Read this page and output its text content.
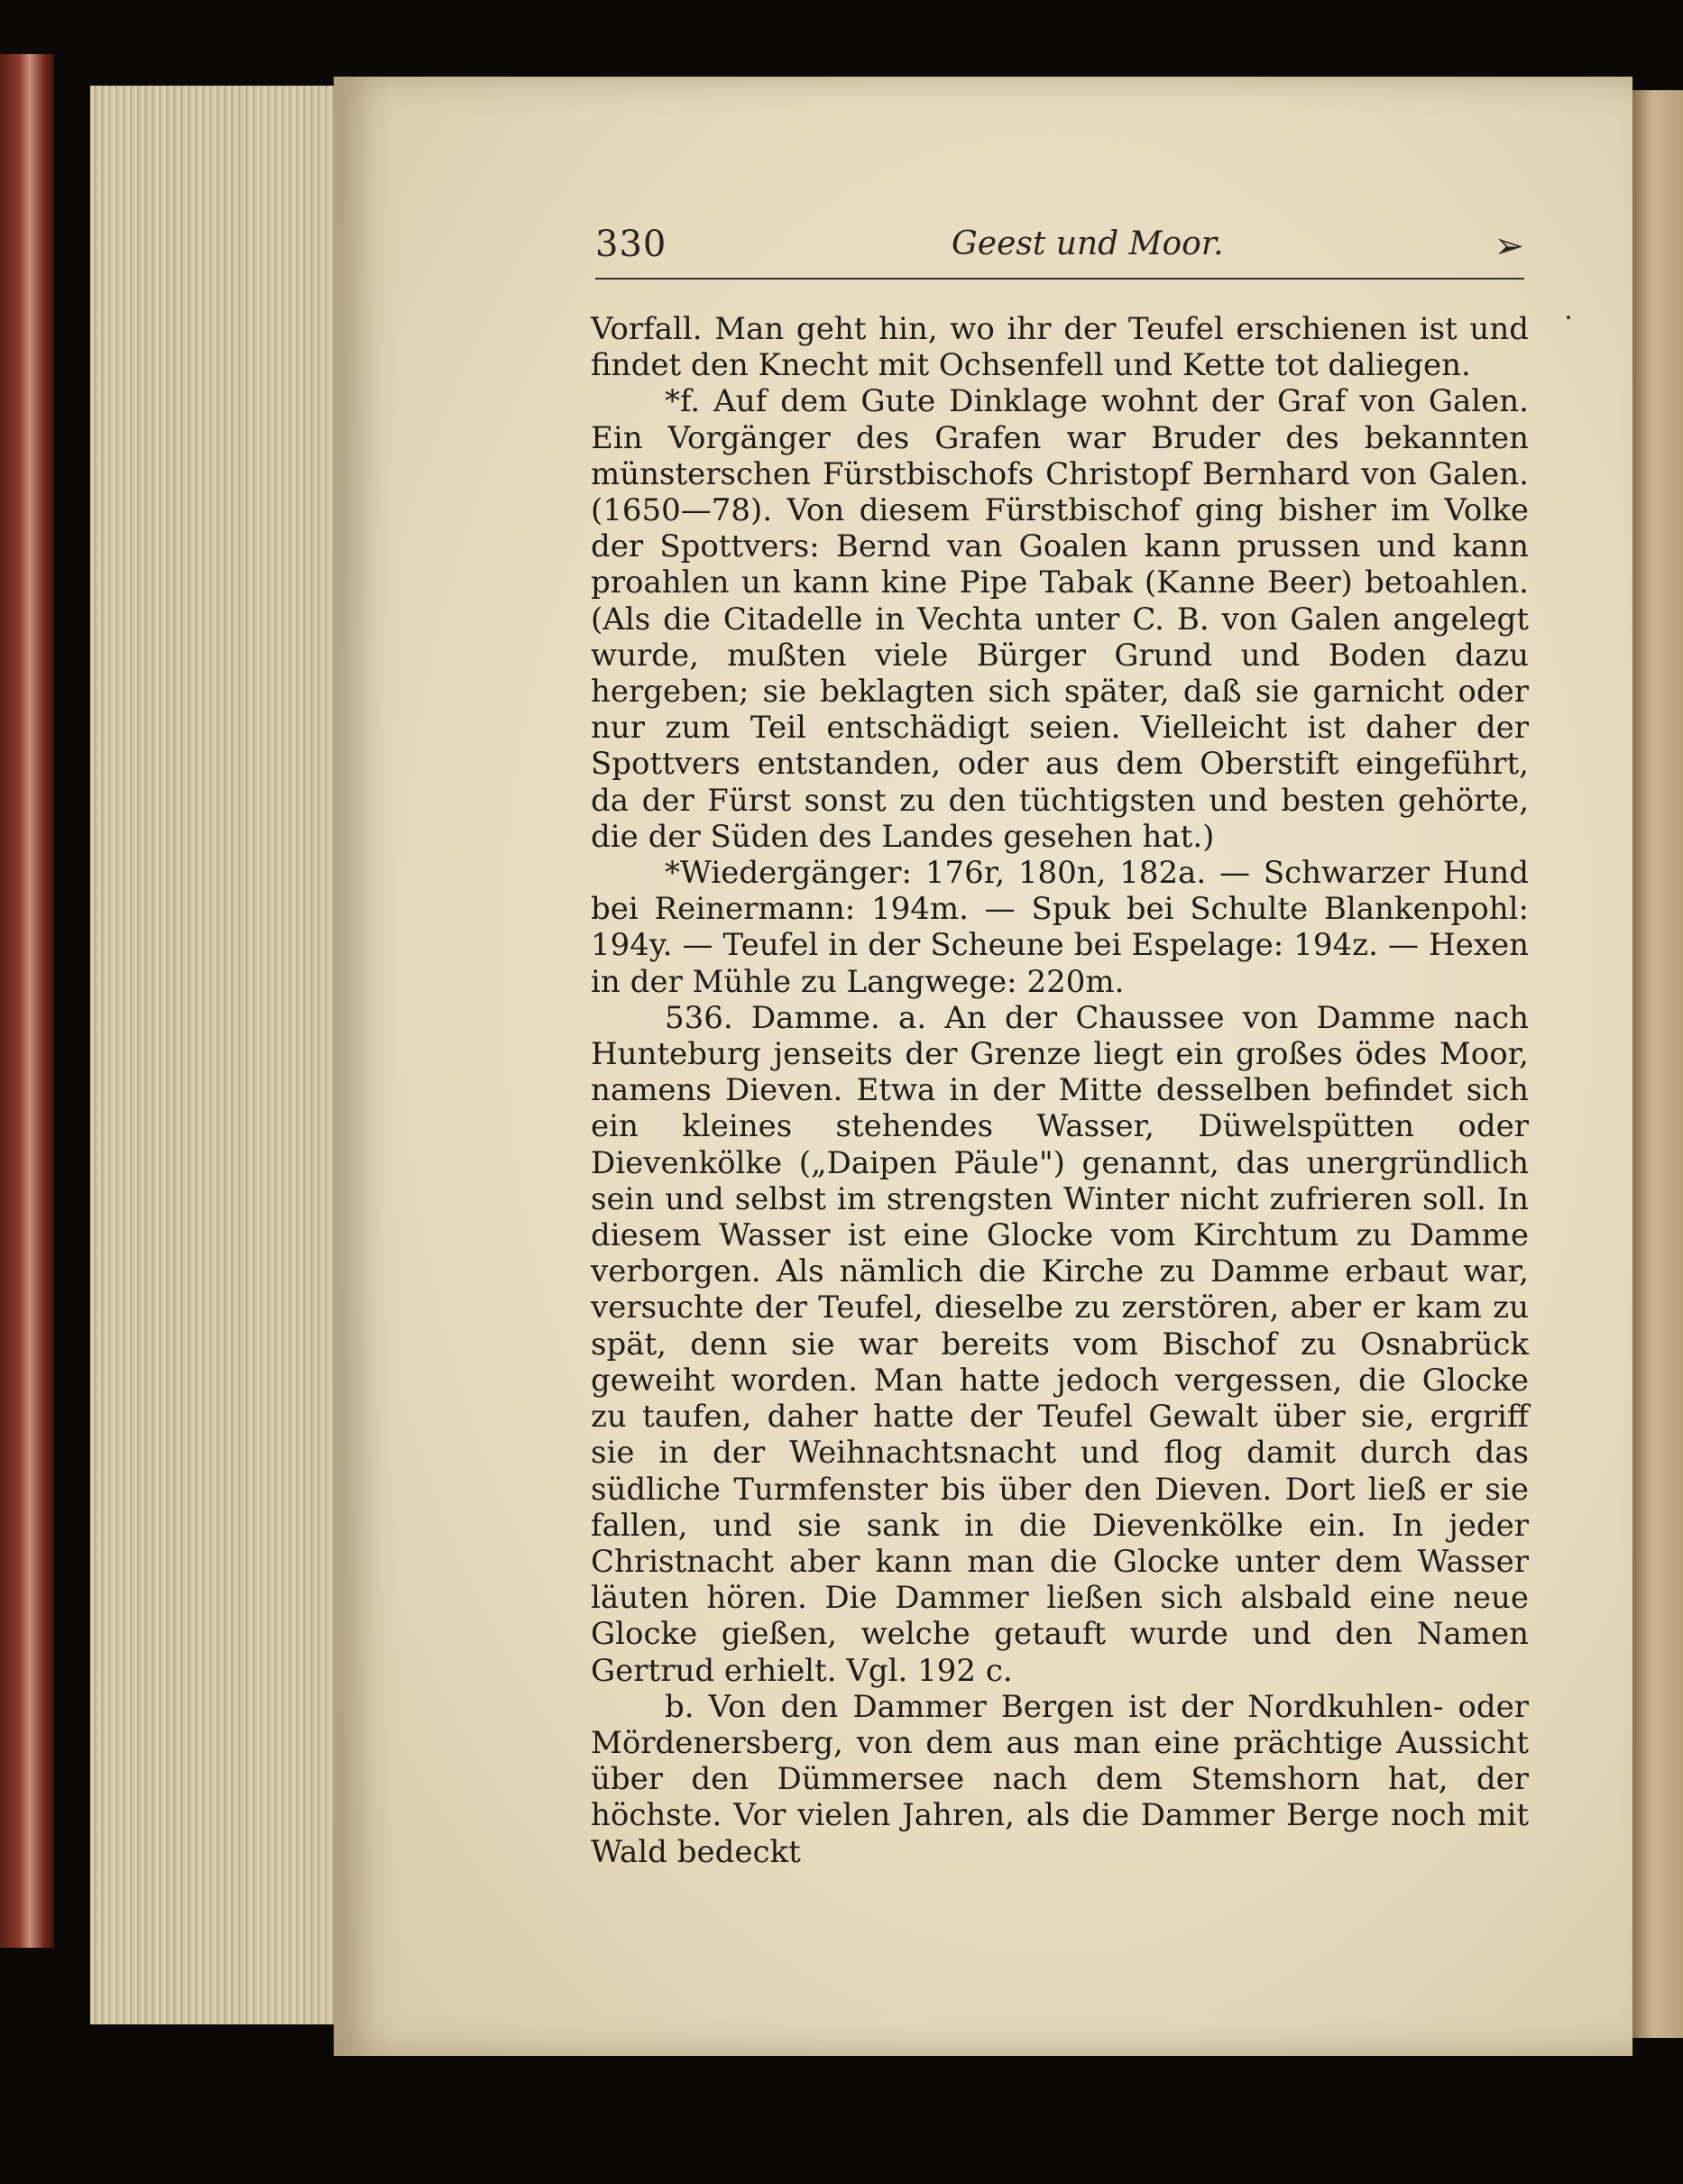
330	Geest und Moor.	➢

Vorfall. Man geht hin, wo ihr der Teufel erschienen ist und findet den Knecht mit Ochsenfell und Kette tot daliegen.

*f. Auf dem Gute Dinklage wohnt der Graf von Galen. Ein Vorgänger des Grafen war Bruder des bekannten münsterschen Fürstbischofs Christopf Bernhard von Galen. (1650—78). Von diesem Fürstbischof ging bisher im Volke der Spottvers: Bernd van Goalen kann prussen und kann proahlen un kann kine Pipe Tabak (Kanne Beer) betoahlen. (Als die Citadelle in Vechta unter C. B. von Galen angelegt wurde, mußten viele Bürger Grund und Boden dazu hergeben; sie beklagten sich später, daß sie garnicht oder nur zum Teil entschädigt seien. Vielleicht ist daher der Spottvers entstanden, oder aus dem Oberstift eingeführt, da der Fürst sonst zu den tüchtigsten und besten gehörte, die der Süden des Landes gesehen hat.)

*Wiedergänger: 176r, 180n, 182a. — Schwarzer Hund bei Reinermann: 194m. — Spuk bei Schulte Blankenpohl: 194y. — Teufel in der Scheune bei Espelage: 194z. — Hexen in der Mühle zu Langwege: 220m.

536. Damme. a. An der Chaussee von Damme nach Hunteburg jenseits der Grenze liegt ein großes ödes Moor, namens Dieven. Etwa in der Mitte desselben befindet sich ein kleines stehendes Wasser, Düwelspütten oder Dievenkölke („Daipen Päule") genannt, das unergründlich sein und selbst im strengsten Winter nicht zufrieren soll. In diesem Wasser ist eine Glocke vom Kirchtum zu Damme verborgen. Als nämlich die Kirche zu Damme erbaut war, versuchte der Teufel, dieselbe zu zerstören, aber er kam zu spät, denn sie war bereits vom Bischof zu Osnabrück geweiht worden. Man hatte jedoch vergessen, die Glocke zu taufen, daher hatte der Teufel Gewalt über sie, ergriff sie in der Weihnachtsnacht und flog damit durch das südliche Turmfenster bis über den Dieven. Dort ließ er sie fallen, und sie sank in die Dievenkölke ein. In jeder Christnacht aber kann man die Glocke unter dem Wasser läuten hören. Die Dammer ließen sich alsbald eine neue Glocke gießen, welche getauft wurde und den Namen Gertrud erhielt. Vgl. 192 c.

b. Von den Dammer Bergen ist der Nordkuhlen- oder Mördenersberg, von dem aus man eine prächtige Aussicht über den Dümmersee nach dem Stemshorn hat, der höchste. Vor vielen Jahren, als die Dammer Berge noch mit Wald bedeckt
